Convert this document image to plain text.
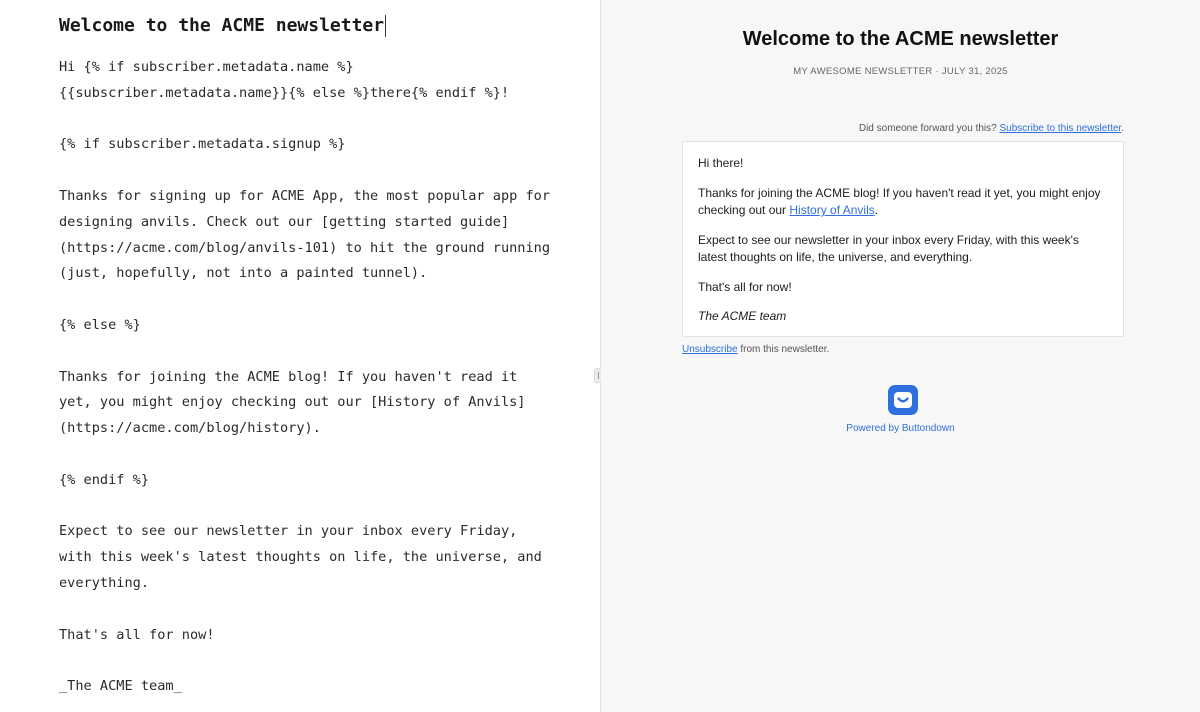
Welcome to the ACME newsletter
Hi {% if subscriber.metadata.name %}
{{subscriber.metadata.name}}{% else %}there{% endif %}!
{% if subscriber.metadata.signup %}
Thanks for signing up for ACME App, the most popular app for
designing anvils. Check out our [getting started guide]
(https://acme.com/blog/anvils-101) to hit the ground running
(just, hopefully, not into a painted tunnel).
{% else %}
Thanks for joining the ACME blog! If you haven't read it
yet, you might enjoy checking out our [History of Anvils]
(https://acme.com/blog/history).
{% endif %}
Expect to see our newsletter in your inbox every Friday,
with this week's latest thoughts on life, the universe, and
everything.
That's all for now!
_The ACME team_
Welcome to the ACME newsletter
MY AWESOME NEWSLETTER · JULY 31, 2025
Did someone forward you this? Subscribe to this newsletter.

Hi there!

Thanks for joining the ACME blog! If you haven't read it yet, you might enjoy checking out our History of Anvils.

Expect to see our newsletter in your inbox every Friday, with this week's latest thoughts on life, the universe, and everything.

That's all for now!

The ACME team

Unsubscribe from this newsletter.
Powered by Buttondown
